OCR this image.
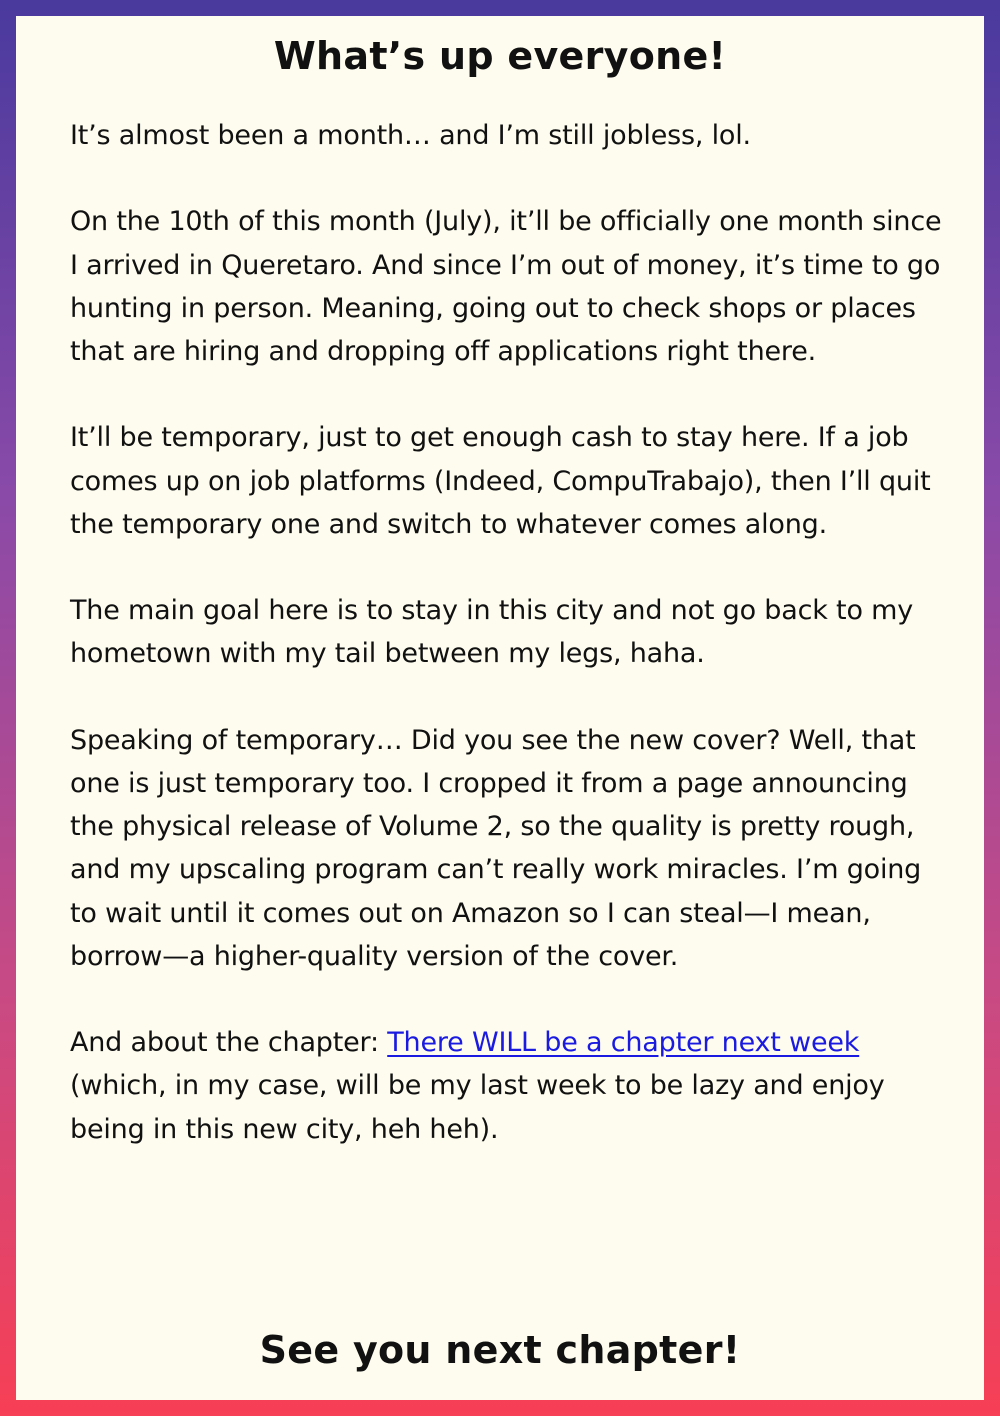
What’s up everyone!

It’s almost been a month… and I’m still jobless, lol.

On the 10th of this month (July), it’ll be officially one month since I arrived in Queretaro. And since I’m out of money, it’s time to go hunting in person. Meaning, going out to check shops or places that are hiring and dropping off applications right there.

It’ll be temporary, just to get enough cash to stay here. If a job comes up on job platforms (Indeed, CompuTrabajo), then I’ll quit the temporary one and switch to whatever comes along.

The main goal here is to stay in this city and not go back to my hometown with my tail between my legs, haha.

Speaking of temporary… Did you see the new cover? Well, that one is just temporary too. I cropped it from a page announcing the physical release of Volume 2, so the quality is pretty rough, and my upscaling program can’t really work miracles. I’m going to wait until it comes out on Amazon so I can steal—I mean, borrow—a higher-quality version of the cover.

And about the chapter: There WILL be a chapter next week (which, in my case, will be my last week to be lazy and enjoy being in this new city, heh heh).

See you next chapter!
